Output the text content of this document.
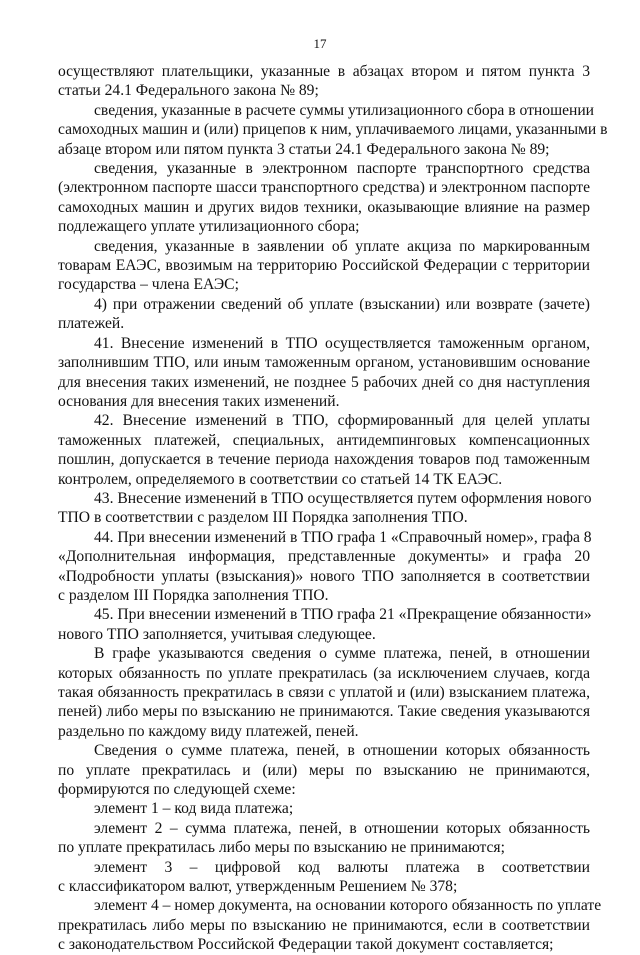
17
осуществляют плательщики, указанные в абзацах втором и пятом пункта 3
статьи 24.1 Федерального закона № 89;
сведения, указанные в расчете суммы утилизационного сбора в отношении
самоходных машин и (или) прицепов к ним, уплачиваемого лицами, указанными в
абзаце втором или пятом пункта 3 статьи 24.1 Федерального закона № 89;
сведения, указанные в электронном паспорте транспортного средства
(электронном паспорте шасси транспортного средства) и электронном паспорте
самоходных машин и других видов техники, оказывающие влияние на размер
подлежащего уплате утилизационного сбора;
сведения, указанные в заявлении об уплате акциза по маркированным
товарам ЕАЭС, ввозимым на территорию Российской Федерации с территории
государства – члена ЕАЭС;
4) при отражении сведений об уплате (взыскании) или возврате (зачете)
платежей.
41. Внесение изменений в ТПО осуществляется таможенным органом,
заполнившим ТПО, или иным таможенным органом, установившим основание
для внесения таких изменений, не позднее 5 рабочих дней со дня наступления
основания для внесения таких изменений.
42. Внесение изменений в ТПО, сформированный для целей уплаты
таможенных платежей, специальных, антидемпинговых компенсационных
пошлин, допускается в течение периода нахождения товаров под таможенным
контролем, определяемого в соответствии со статьей 14 ТК ЕАЭС.
43. Внесение изменений в ТПО осуществляется путем оформления нового
ТПО в соответствии с разделом III Порядка заполнения ТПО.
44. При внесении изменений в ТПО графа 1 «Справочный номер», графа 8
«Дополнительная информация, представленные документы» и графа 20
«Подробности уплаты (взыскания)» нового ТПО заполняется в соответствии
с разделом III Порядка заполнения ТПО.
45. При внесении изменений в ТПО графа 21 «Прекращение обязанности»
нового ТПО заполняется, учитывая следующее.
В графе указываются сведения о сумме платежа, пеней, в отношении
которых обязанность по уплате прекратилась (за исключением случаев, когда
такая обязанность прекратилась в связи с уплатой и (или) взысканием платежа,
пеней) либо меры по взысканию не принимаются. Такие сведения указываются
раздельно по каждому виду платежей, пеней.
Сведения о сумме платежа, пеней, в отношении которых обязанность
по уплате прекратилась и (или) меры по взысканию не принимаются,
формируются по следующей схеме:
элемент 1 – код вида платежа;
элемент 2 – сумма платежа, пеней, в отношении которых обязанность
по уплате прекратилась либо меры по взысканию не принимаются;
элемент 3 – цифровой код валюты платежа в соответствии
с классификатором валют, утвержденным Решением № 378;
элемент 4 – номер документа, на основании которого обязанность по уплате
прекратилась либо меры по взысканию не принимаются, если в соответствии
с законодательством Российской Федерации такой документ составляется;
